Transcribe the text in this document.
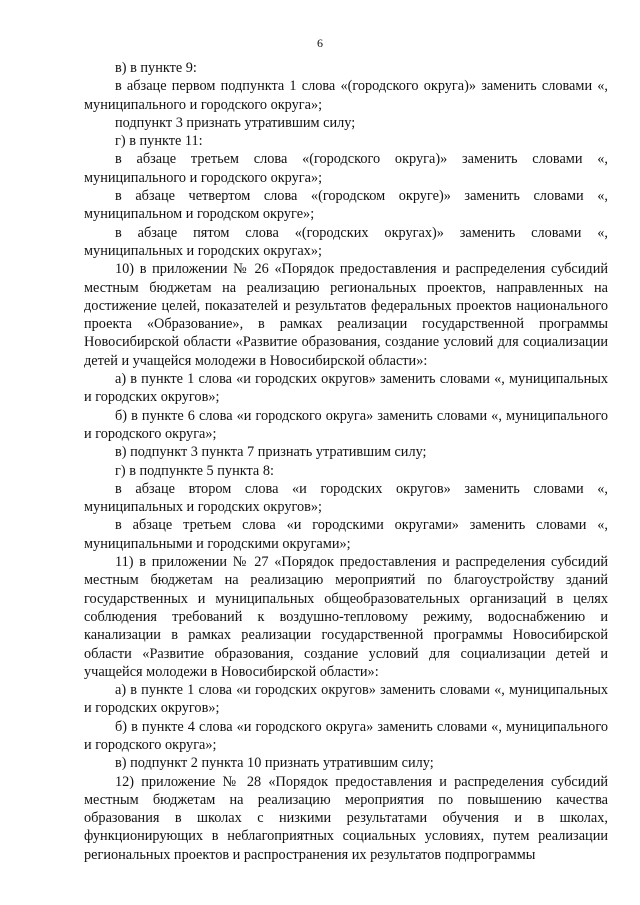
6

в) в пункте 9:

в абзаце первом подпункта 1 слова «(городского округа)» заменить словами «, муниципального и городского округа»;

подпункт 3 признать утратившим силу;

г) в пункте 11:

в абзаце третьем слова «(городского округа)» заменить словами «, муниципального и городского округа»;

в абзаце четвертом слова «(городском округе)» заменить словами «, муниципальном и городском округе»;

в абзаце пятом слова «(городских округах)» заменить словами «, муниципальных и городских округах»;

10) в приложении № 26 «Порядок предоставления и распределения субсидий местным бюджетам на реализацию региональных проектов, направленных на достижение целей, показателей и результатов федеральных проектов национального проекта «Образование», в рамках реализации государственной программы Новосибирской области «Развитие образования, создание условий для социализации детей и учащейся молодежи в Новосибирской области»:

а) в пункте 1 слова «и городских округов» заменить словами «, муниципальных и городских округов»;

б) в пункте 6 слова «и городского округа» заменить словами «, муниципального и городского округа»;

в) подпункт 3 пункта 7 признать утратившим силу;

г) в подпункте 5 пункта 8:

в абзаце втором слова «и городских округов» заменить словами «, муниципальных и городских округов»;

в абзаце третьем слова «и городскими округами» заменить словами «, муниципальными и городскими округами»;

11) в приложении № 27 «Порядок предоставления и распределения субсидий местным бюджетам на реализацию мероприятий по благоустройству зданий государственных и муниципальных общеобразовательных организаций в целях соблюдения требований к воздушно-тепловому режиму, водоснабжению и канализации в рамках реализации государственной программы Новосибирской области «Развитие образования, создание условий для социализации детей и учащейся молодежи в Новосибирской области»:

а) в пункте 1 слова «и городских округов» заменить словами «, муниципальных и городских округов»;

б) в пункте 4 слова «и городского округа» заменить словами «, муниципального и городского округа»;

в) подпункт 2 пункта 10 признать утратившим силу;

12) приложение № 28 «Порядок предоставления и распределения субсидий местным бюджетам на реализацию мероприятия по повышению качества образования в школах с низкими результатами обучения и в школах, функционирующих в неблагоприятных социальных условиях, путем реализации региональных проектов и распространения их результатов подпрограммы
